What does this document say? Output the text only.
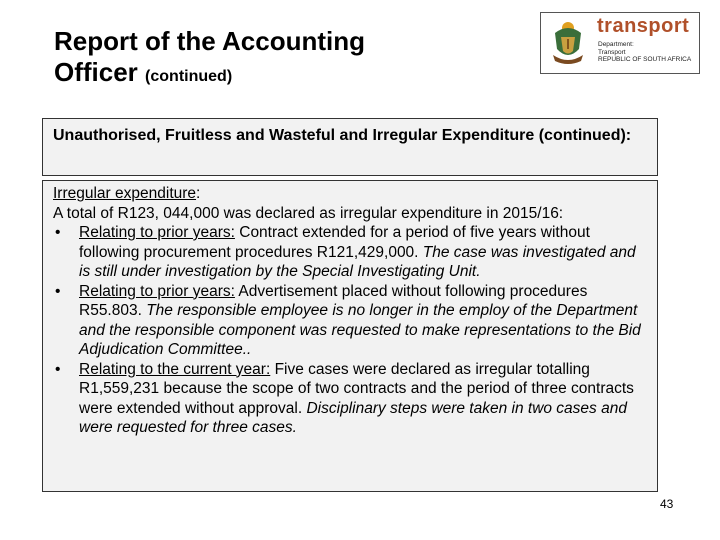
Report of the Accounting
Officer (continued)
transport
Department:
Transport
REPUBLIC OF SOUTH AFRICA
Unauthorised, Fruitless and Wasteful and Irregular Expenditure (continued):

Irregular expenditure:

A total of R123, 044,000 was declared as irregular expenditure in 2015/16:

• Relating to prior years: Contract extended for a period of five years without following procurement procedures R121,429,000. The case was investigated and is still under investigation by the Special Investigating Unit.
• Relating to prior years: Advertisement placed without following procedures R55.803. The responsible employee is no longer in the employ of the Department and the responsible component was requested to make representations to the Bid Adjudication Committee..
• Relating to the current year: Five cases were declared as irregular totalling R1,559,231 because the scope of two contracts and the period of three contracts were extended without approval. Disciplinary steps were taken in two cases and were requested for three cases.
43
